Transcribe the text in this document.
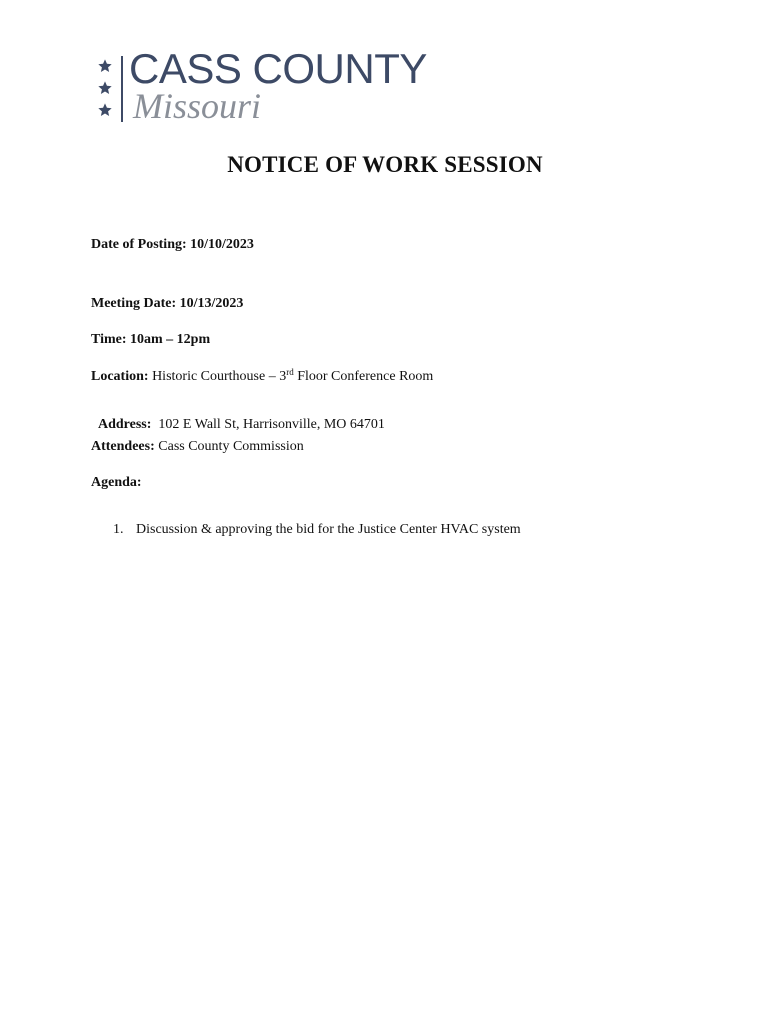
CASS COUNTY
Missouri
NOTICE OF WORK SESSION
Date of Posting: 10/10/2023
Meeting Date: 10/13/2023
Time: 10am – 12pm
Location: Historic Courthouse – 3rd Floor Conference Room

Address:  102 E Wall St, Harrisonville, MO 64701

Attendees: Cass County Commission
Agenda:
1. Discussion & approving the bid for the Justice Center HVAC system
